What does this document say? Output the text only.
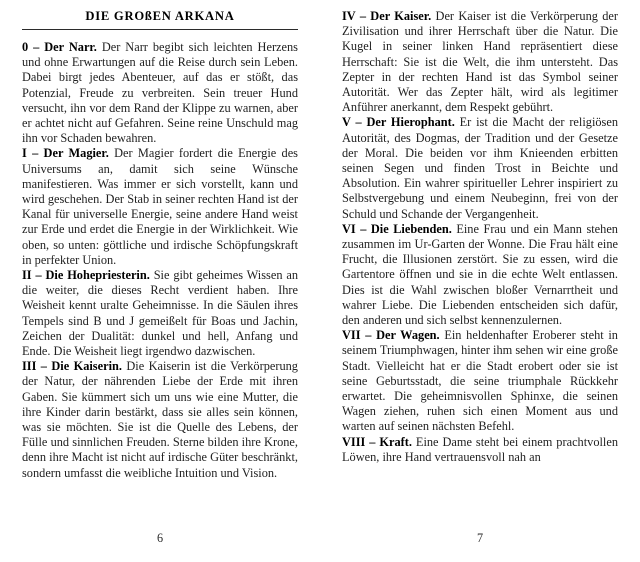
DIE GROßEN ARKANA

0 – Der Narr. Der Narr begibt sich leichten Herzens und ohne Erwartungen auf die Reise durch sein Leben. Dabei birgt jedes Abenteuer, auf das er stößt, das Potenzial, Freude zu verbreiten. Sein treuer Hund versucht, ihn vor dem Rand der Klippe zu warnen, aber er achtet nicht auf Gefahren. Seine reine Unschuld mag ihn vor Schaden bewahren.

I – Der Magier. Der Magier fordert die Energie des Universums an, damit sich seine Wünsche manifestieren. Was immer er sich vorstellt, kann und wird geschehen. Der Stab in seiner rechten Hand ist der Kanal für universelle Energie, seine andere Hand weist zur Erde und erdet die Energie in der Wirklichkeit. Wie oben, so unten: göttliche und irdische Schöpfungskraft in perfekter Union.

II – Die Hohepriesterin. Sie gibt geheimes Wissen an die weiter, die dieses Recht verdient haben. Ihre Weisheit kennt uralte Geheimnisse. In die Säulen ihres Tempels sind B und J gemeißelt für Boas und Jachin, Zeichen der Dualität: dunkel und hell, Anfang und Ende. Die Weisheit liegt irgendwo dazwischen.

III – Die Kaiserin. Die Kaiserin ist die Verkörperung der Natur, der nährenden Liebe der Erde mit ihren Gaben. Sie kümmert sich um uns wie eine Mutter, die ihre Kinder darin bestärkt, dass sie alles sein können, was sie möchten. Sie ist die Quelle des Lebens, der Fülle und sinnlichen Freuden. Sterne bilden ihre Krone, denn ihre Macht ist nicht auf irdische Güter beschränkt, sondern umfasst die weibliche Intuition und Vision.

6

IV – Der Kaiser. Der Kaiser ist die Verkörperung der Zivilisation und ihrer Herrschaft über die Natur. Die Kugel in seiner linken Hand repräsentiert diese Herrschaft: Sie ist die Welt, die ihm untersteht. Das Zepter in der rechten Hand ist das Symbol seiner Autorität. Wer das Zepter hält, wird als legitimer Anführer anerkannt, dem Respekt gebührt.

V – Der Hierophant. Er ist die Macht der religiösen Autorität, des Dogmas, der Tradition und der Gesetze der Moral. Die beiden vor ihm Knieenden erbitten seinen Segen und finden Trost in Beichte und Absolution. Ein wahrer spiritueller Lehrer inspiriert zu Selbstvergebung und einem Neubeginn, frei von der Schuld und Schande der Vergangenheit.

VI – Die Liebenden. Eine Frau und ein Mann stehen zusammen im Ur-Garten der Wonne. Die Frau hält eine Frucht, die Illusionen zerstört. Sie zu essen, wird die Gartentore öffnen und sie in die echte Welt entlassen. Dies ist die Wahl zwischen bloßer Vernarrtheit und wahrer Liebe. Die Liebenden entscheiden sich dafür, den anderen und sich selbst kennenzulernen.

VII – Der Wagen. Ein heldenhafter Eroberer steht in seinem Triumphwagen, hinter ihm sehen wir eine große Stadt. Vielleicht hat er die Stadt erobert oder sie ist seine Geburtsstadt, die seine triumphale Rückkehr erwartet. Die geheimnisvollen Sphinxe, die seinen Wagen ziehen, ruhen sich einen Moment aus und warten auf seinen nächsten Befehl.

VIII – Kraft. Eine Dame steht bei einem prachtvollen Löwen, ihre Hand vertrauensvoll nah an

7
